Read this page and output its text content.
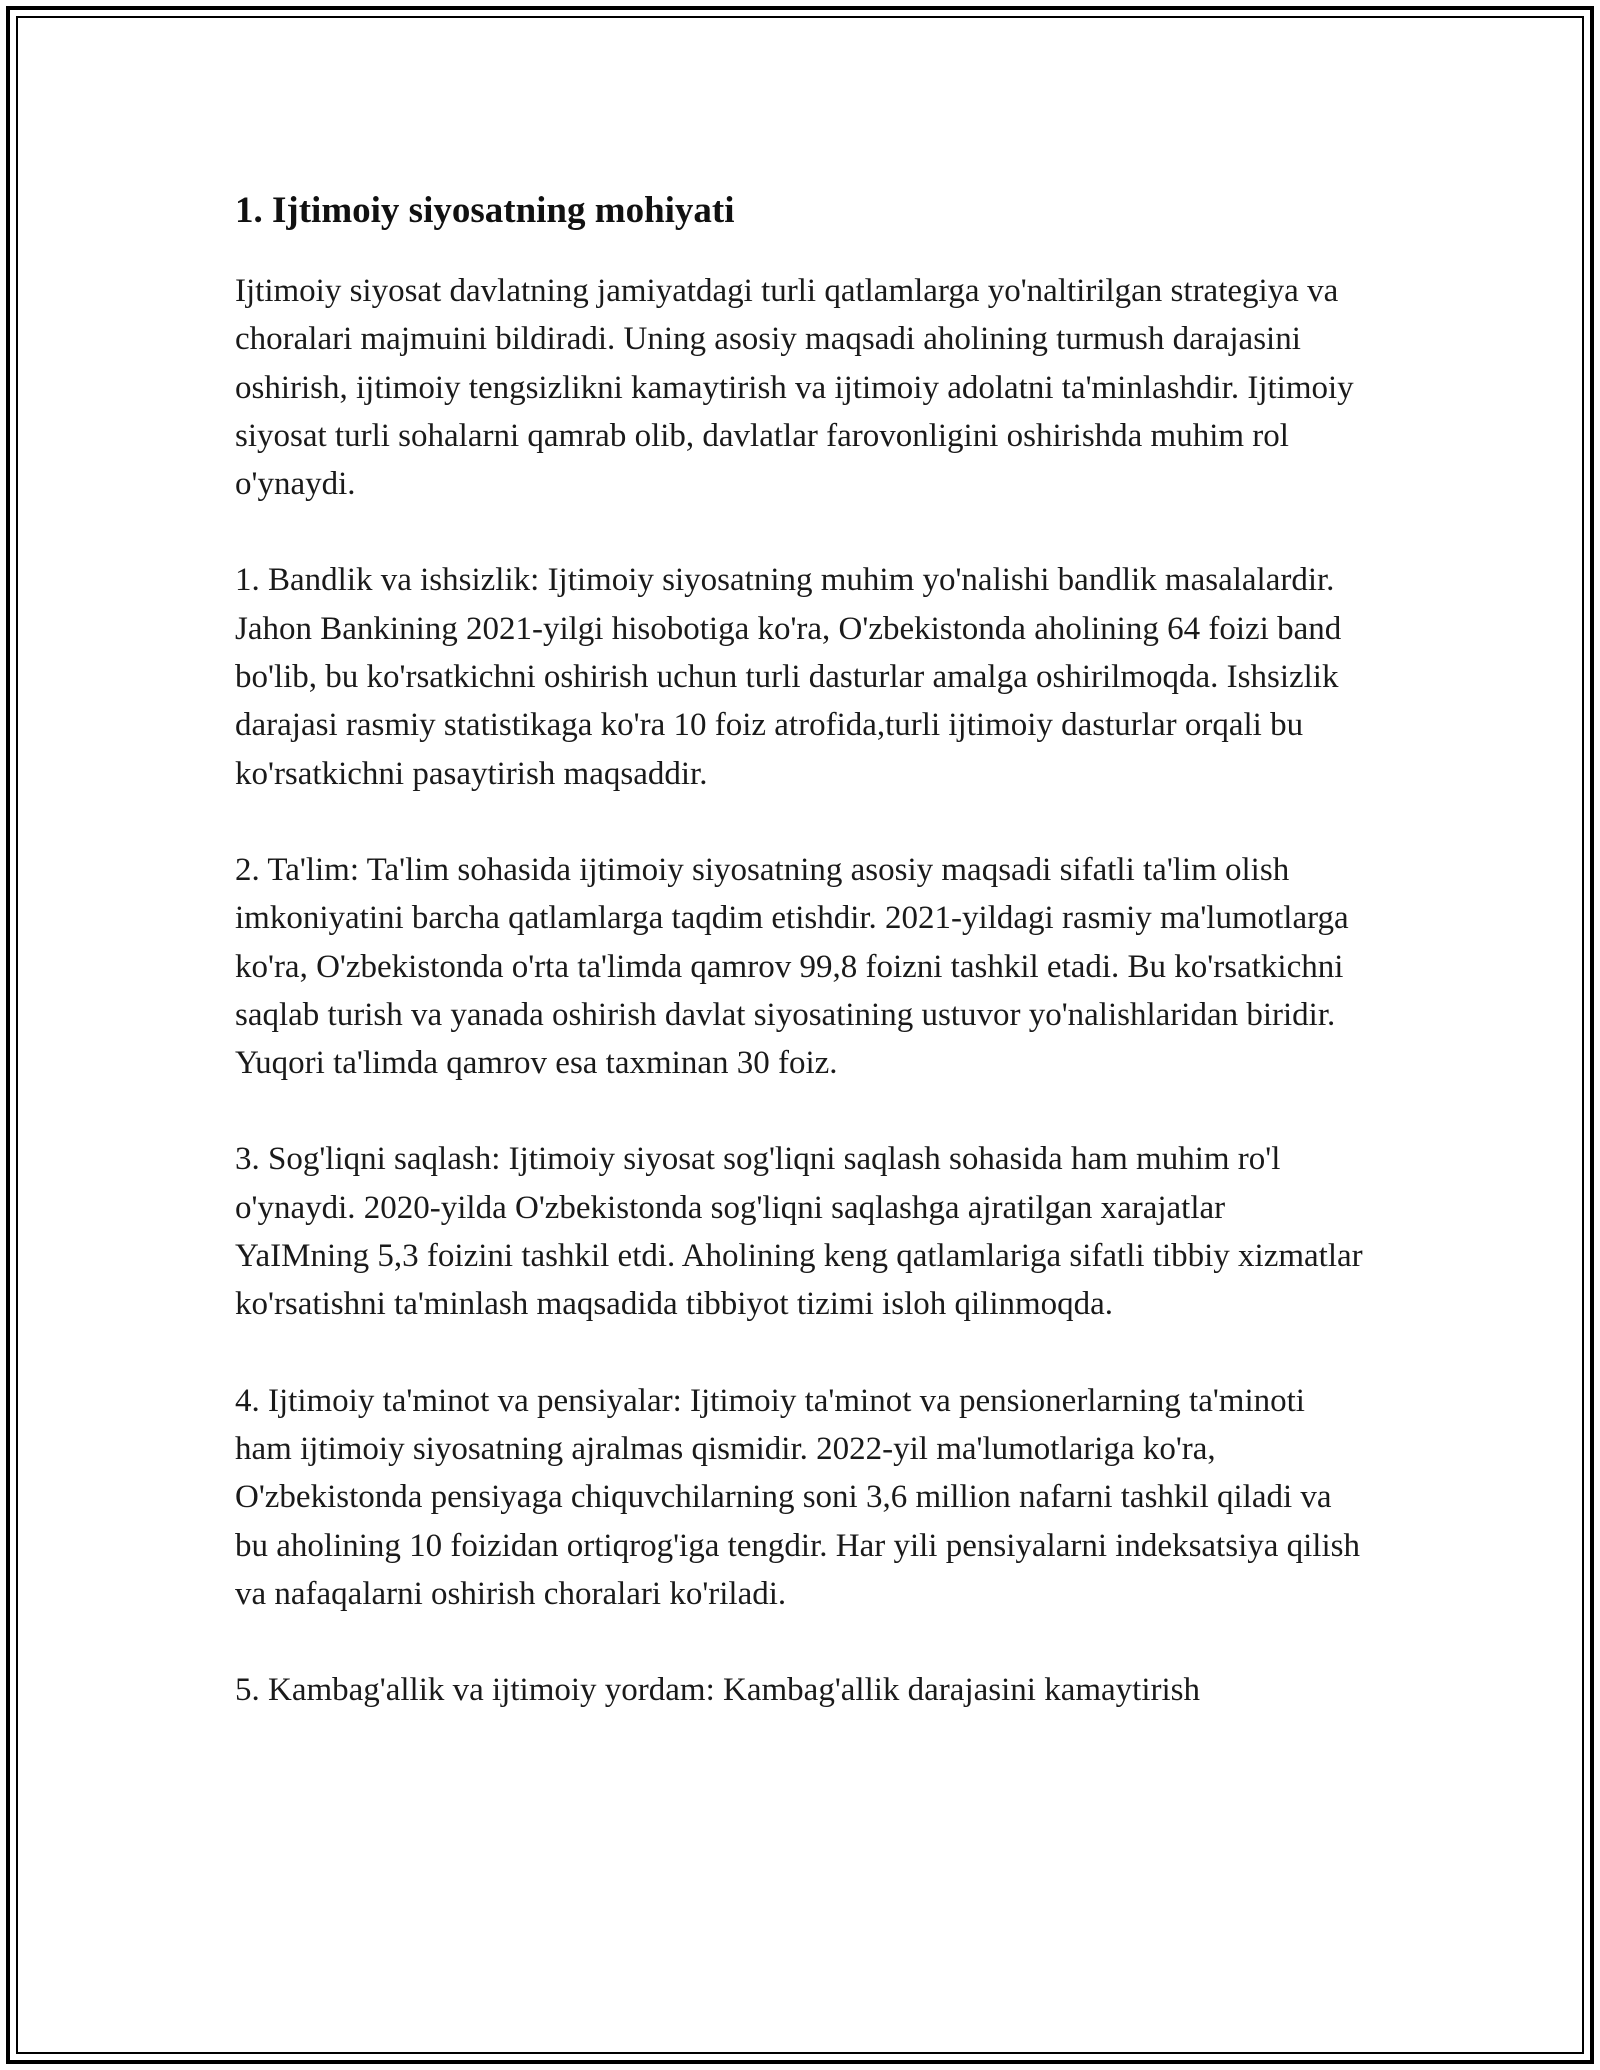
1. Ijtimoiy siyosatning mohiyati

Ijtimoiy siyosat davlatning jamiyatdagi turli qatlamlarga yo'naltirilgan strategiya va choralari majmuini bildiradi. Uning asosiy maqsadi aholining turmush darajasini oshirish, ijtimoiy tengsizlikni kamaytirish va ijtimoiy adolatni ta'minlashdir. Ijtimoiy siyosat turli sohalarni qamrab olib, davlatlar farovonligini oshirishda muhim rol o'ynaydi.

1. Bandlik va ishsizlik: Ijtimoiy siyosatning muhim yo'nalishi bandlik masalalardir. Jahon Bankining 2021-yilgi hisobotiga ko'ra, O'zbekistonda aholining 64 foizi band bo'lib, bu ko'rsatkichni oshirish uchun turli dasturlar amalga oshirilmoqda. Ishsizlik darajasi rasmiy statistikaga ko'ra 10 foiz atrofida,turli ijtimoiy dasturlar orqali bu ko'rsatkichni pasaytirish maqsaddir.

2. Ta'lim: Ta'lim sohasida ijtimoiy siyosatning asosiy maqsadi sifatli ta'lim olish imkoniyatini barcha qatlamlarga taqdim etishdir. 2021-yildagi rasmiy ma'lumotlarga ko'ra, O'zbekistonda o'rta ta'limda qamrov 99,8 foizni tashkil etadi. Bu ko'rsatkichni saqlab turish va yanada oshirish davlat siyosatining ustuvor yo'nalishlaridan biridir. Yuqori ta'limda qamrov esa taxminan 30 foiz.

3. Sog'liqni saqlash: Ijtimoiy siyosat sog'liqni saqlash sohasida ham muhim ro'l o'ynaydi. 2020-yilda O'zbekistonda sog'liqni saqlashga ajratilgan xarajatlar YaIMning 5,3 foizini tashkil etdi. Aholining keng qatlamlariga sifatli tibbiy xizmatlar ko'rsatishni ta'minlash maqsadida tibbiyot tizimi isloh qilinmoqda.

4. Ijtimoiy ta'minot va pensiyalar: Ijtimoiy ta'minot va pensionerlarning ta'minoti ham ijtimoiy siyosatning ajralmas qismidir. 2022-yil ma'lumotlariga ko'ra, O'zbekistonda pensiyaga chiquvchilarning soni 3,6 million nafarni tashkil qiladi va bu aholining 10 foizidan ortiqrog'iga tengdir. Har yili pensiyalarni indeksatsiya qilish va nafaqalarni oshirish choralari ko'riladi.

5. Kambag'allik va ijtimoiy yordam: Kambag'allik darajasini kamaytirish
